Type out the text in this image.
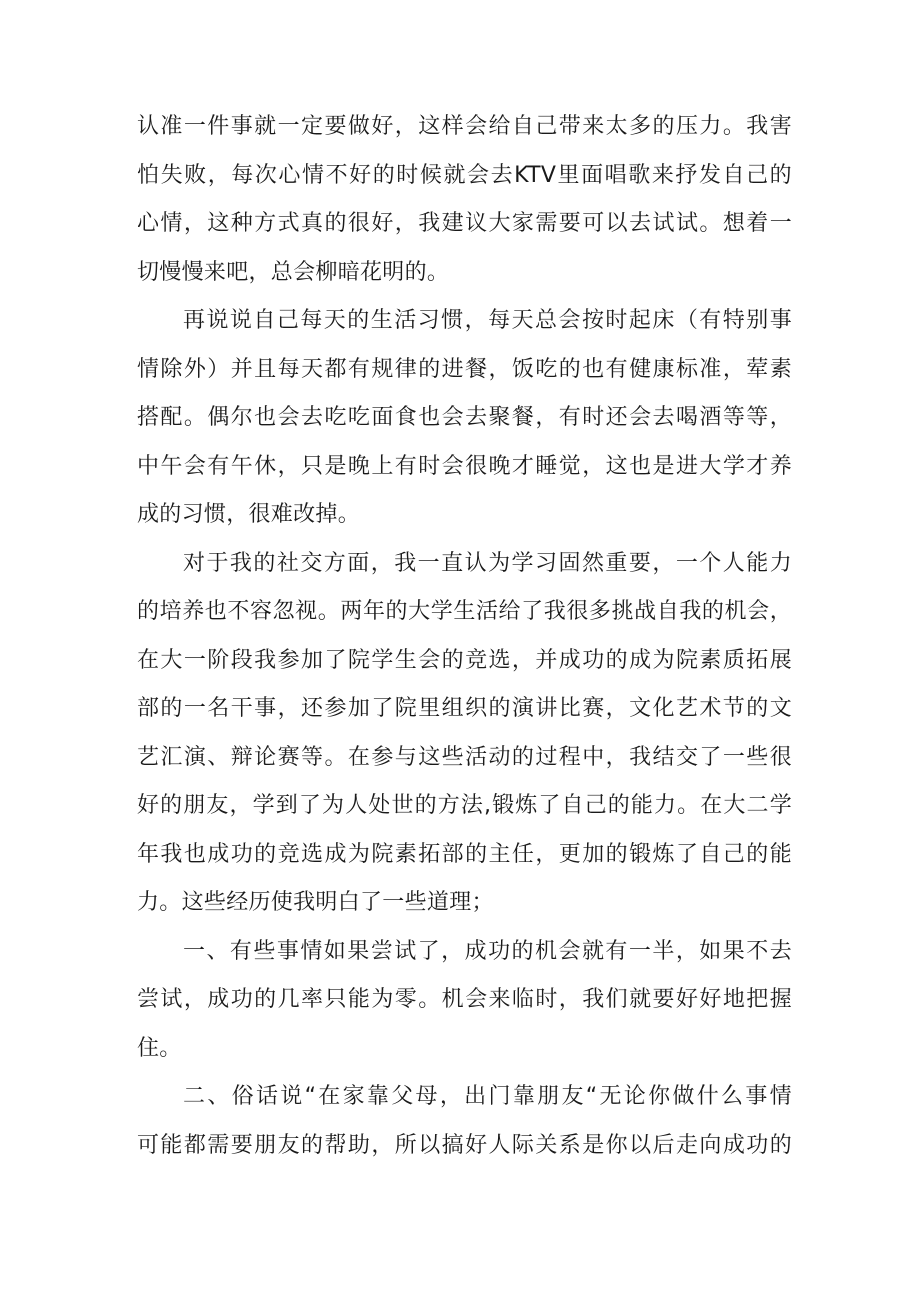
认准一件事就一定要做好，这样会给自己带来太多的压力。我害
怕失败，每次心情不好的时候就会去KTV里面唱歌来抒发自己的
心情，这种方式真的很好，我建议大家需要可以去试试。想着一
切慢慢来吧，总会柳暗花明的。
再说说自己每天的生活习惯，每天总会按时起床（有特别事
情除外）并且每天都有规律的进餐，饭吃的也有健康标准，荤素
搭配。偶尔也会去吃吃面食也会去聚餐，有时还会去喝酒等等，
中午会有午休，只是晚上有时会很晚才睡觉，这也是进大学才养
成的习惯，很难改掉。
对于我的社交方面，我一直认为学习固然重要，一个人能力
的培养也不容忽视。两年的大学生活给了我很多挑战自我的机会，
在大一阶段我参加了院学生会的竞选，并成功的成为院素质拓展
部的一名干事，还参加了院里组织的演讲比赛，文化艺术节的文
艺汇演、辩论赛等。在参与这些活动的过程中，我结交了一些很
好的朋友，学到了为人处世的方法,锻炼了自己的能力。在大二学
年我也成功的竞选成为院素拓部的主任，更加的锻炼了自己的能
力。这些经历使我明白了一些道理；
一、有些事情如果尝试了，成功的机会就有一半，如果不去
尝试，成功的几率只能为零。机会来临时，我们就要好好地把握
住。
二、俗话说“在家靠父母，出门靠朋友“无论你做什么事情
可能都需要朋友的帮助，所以搞好人际关系是你以后走向成功的
